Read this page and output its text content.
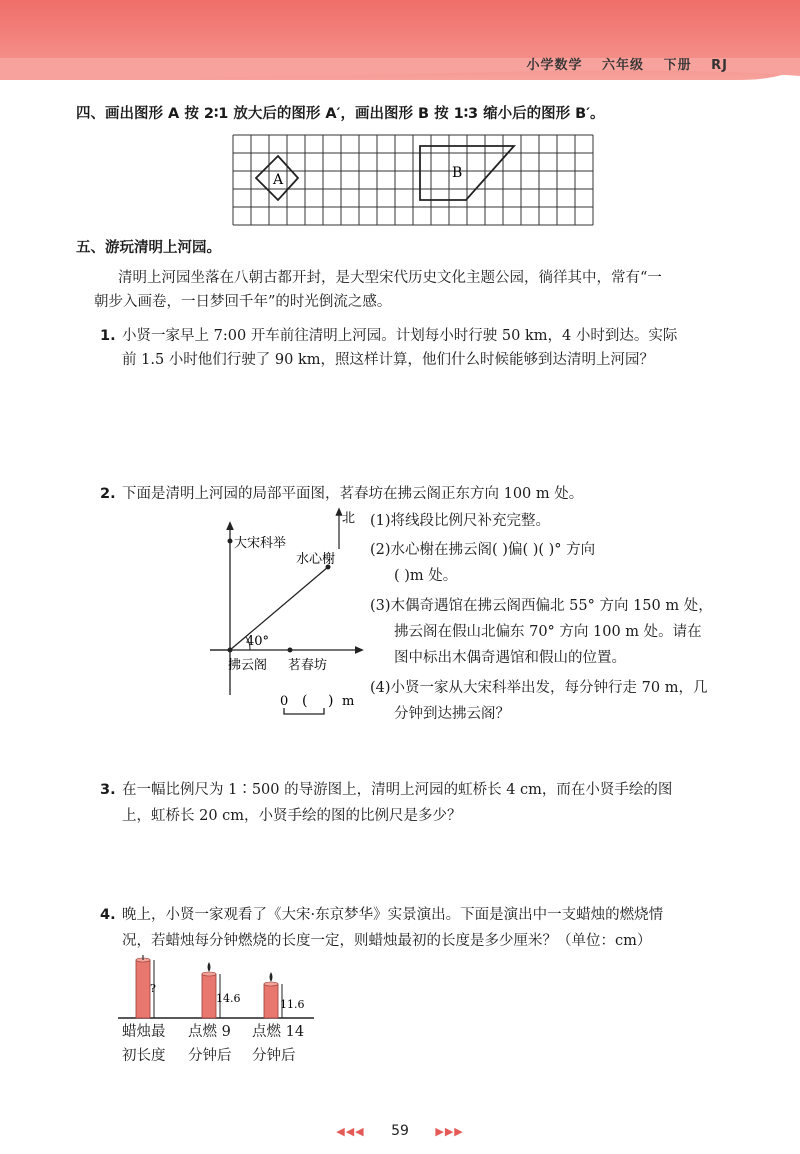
小学数学 六年级 下册 RJ
四、画出图形 A 按 2∶1 放大后的图形 A′，画出图形 B 按 1∶3 缩小后的图形 B′。
A	B
五、游玩清明上河园。
清明上河园坐落在八朝古都开封，是大型宋代历史文化主题公园，徜徉其中，常有“一
朝步入画卷，一日梦回千年”的时光倒流之感。
1. 小贤一家早上 7:00 开车前往清明上河园。计划每小时行驶 50 km，4 小时到达。实际
前 1.5 小时他们行驶了 90 km，照这样计算，他们什么时候能够到达清明上河园？
2. 下面是清明上河园的局部平面图，茗春坊在拂云阁正东方向 100 m 处。
北
40°
大宋科举
水心榭
拂云阁 茗春坊
0 ( ) m
(1)将线段比例尺补充完整。
(2)水心榭在拂云阁( )偏( )( )° 方向
( )m 处。
(3)木偶奇遇馆在拂云阁西偏北 55° 方向 150 m 处，
拂云阁在假山北偏东 70° 方向 100 m 处。请在
图中标出木偶奇遇馆和假山的位置。
(4)小贤一家从大宋科举出发，每分钟行走 70 m，几
分钟到达拂云阁？
3. 在一幅比例尺为 1∶500 的导游图上，清明上河园的虹桥长 4 cm，而在小贤手绘的图
上，虹桥长 20 cm，小贤手绘的图的比例尺是多少？
4. 晚上，小贤一家观看了《大宋·东京梦华》实景演出。下面是演出中一支蜡烛的燃烧情
况，若蜡烛每分钟燃烧的长度一定，则蜡烛最初的长度是多少厘米？（单位：cm）
?
14.6	11.6
蜡烛最
初长度
点燃 9
分钟后
点燃 14
分钟后
◀◀◀ 59 ▶▶▶
